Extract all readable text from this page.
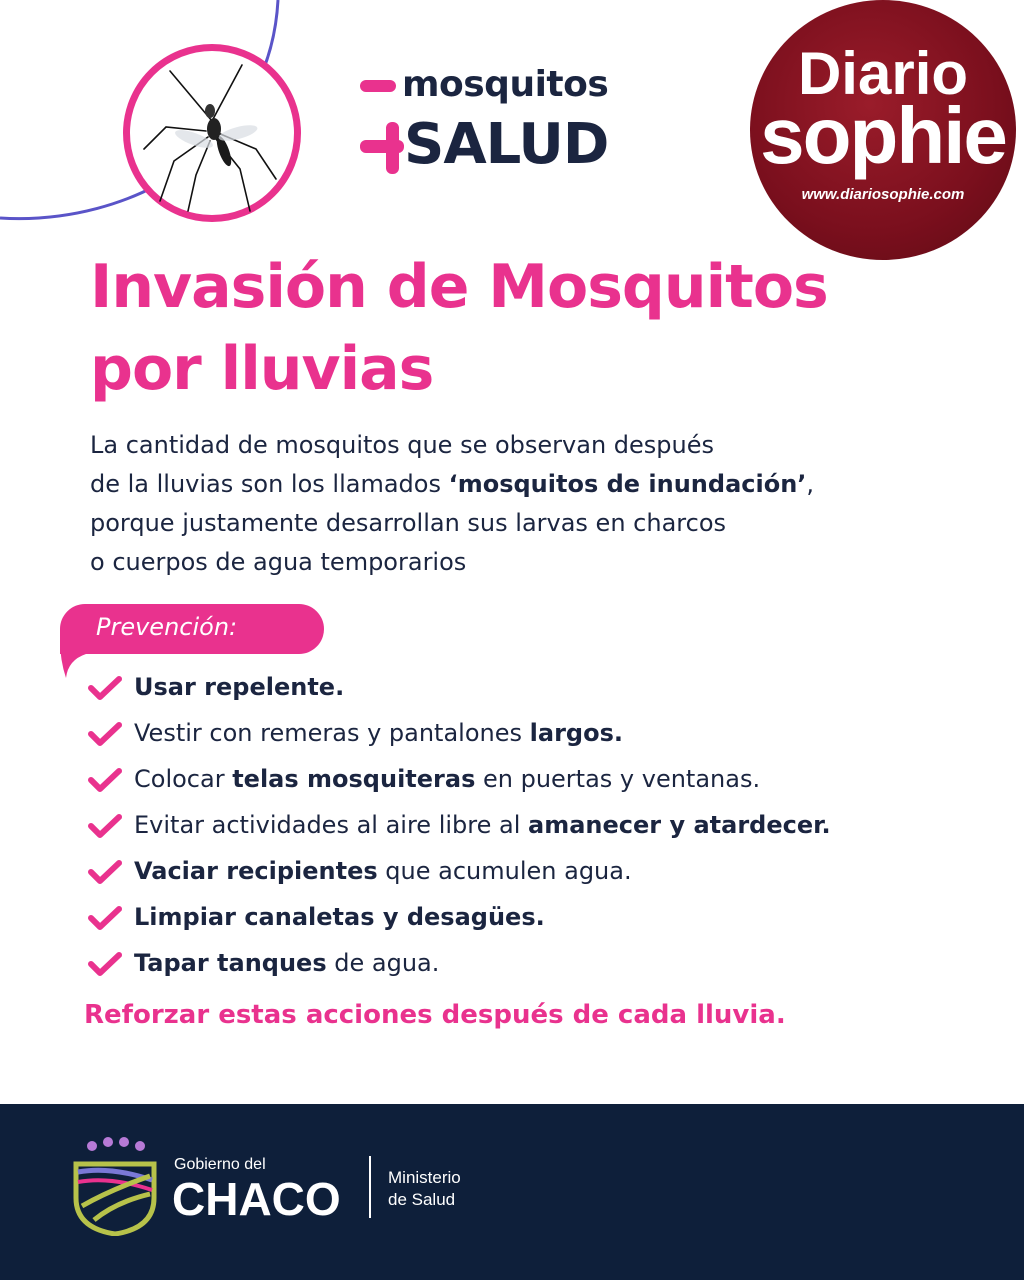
mosquitos
SALUD
Diario
sophie
www.diariosophie.com
Invasión de Mosquitos
por lluvias

La cantidad de mosquitos que se observan después
de la lluvias son los llamados ‘mosquitos de inundación’,
porque justamente desarrollan sus larvas en charcos
o cuerpos de agua temporarios

Prevención:
Usar repelente.
Vestir con remeras y pantalones largos.
Colocar telas mosquiteras en puertas y ventanas.
Evitar actividades al aire libre al amanecer y atardecer.
Vaciar recipientes que acumulen agua.
Limpiar canaletas y desagües.
Tapar tanques de agua.

Reforzar estas acciones después de cada lluvia.

Gobierno del
CHACO	Ministerio
de Salud
